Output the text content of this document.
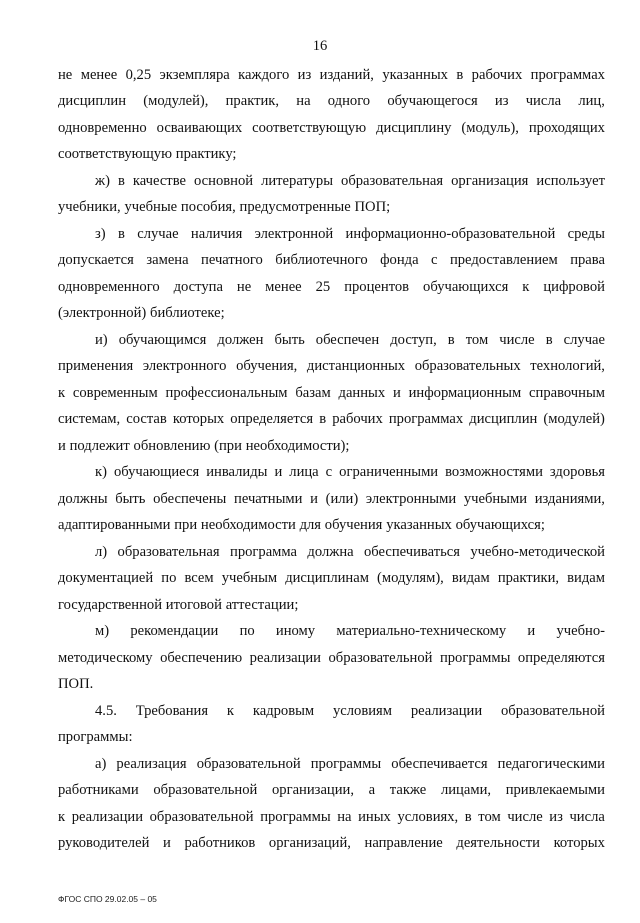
16
не менее 0,25 экземпляра каждого из изданий, указанных в рабочих программах
дисциплин (модулей), практик, на одного обучающегося из числа лиц,
одновременно осваивающих соответствующую дисциплину (модуль), проходящих
соответствующую практику;
ж) в качестве основной литературы образовательная организация использует
учебники, учебные пособия, предусмотренные ПОП;
з) в случае наличия электронной информационно-образовательной среды
допускается замена печатного библиотечного фонда с предоставлением права
одновременного доступа не менее 25 процентов обучающихся к цифровой
(электронной) библиотеке;
и) обучающимся должен быть обеспечен доступ, в том числе в случае
применения электронного обучения, дистанционных образовательных технологий,
к современным профессиональным базам данных и информационным справочным
системам, состав которых определяется в рабочих программах дисциплин (модулей)
и подлежит обновлению (при необходимости);
к) обучающиеся инвалиды и лица с ограниченными возможностями здоровья
должны быть обеспечены печатными и (или) электронными учебными изданиями,
адаптированными при необходимости для обучения указанных обучающихся;
л) образовательная программа должна обеспечиваться учебно-методической
документацией по всем учебным дисциплинам (модулям), видам практики, видам
государственной итоговой аттестации;
м) рекомендации по иному материально-техническому и учебно-
методическому обеспечению реализации образовательной программы определяются
ПОП.
4.5. Требования к кадровым условиям реализации образовательной
программы:
а) реализация образовательной программы обеспечивается педагогическими
работниками образовательной организации, а также лицами, привлекаемыми
к реализации образовательной программы на иных условиях, в том числе из числа
руководителей и работников организаций, направление деятельности которых
ФГОС СПО 29.02.05 – 05
